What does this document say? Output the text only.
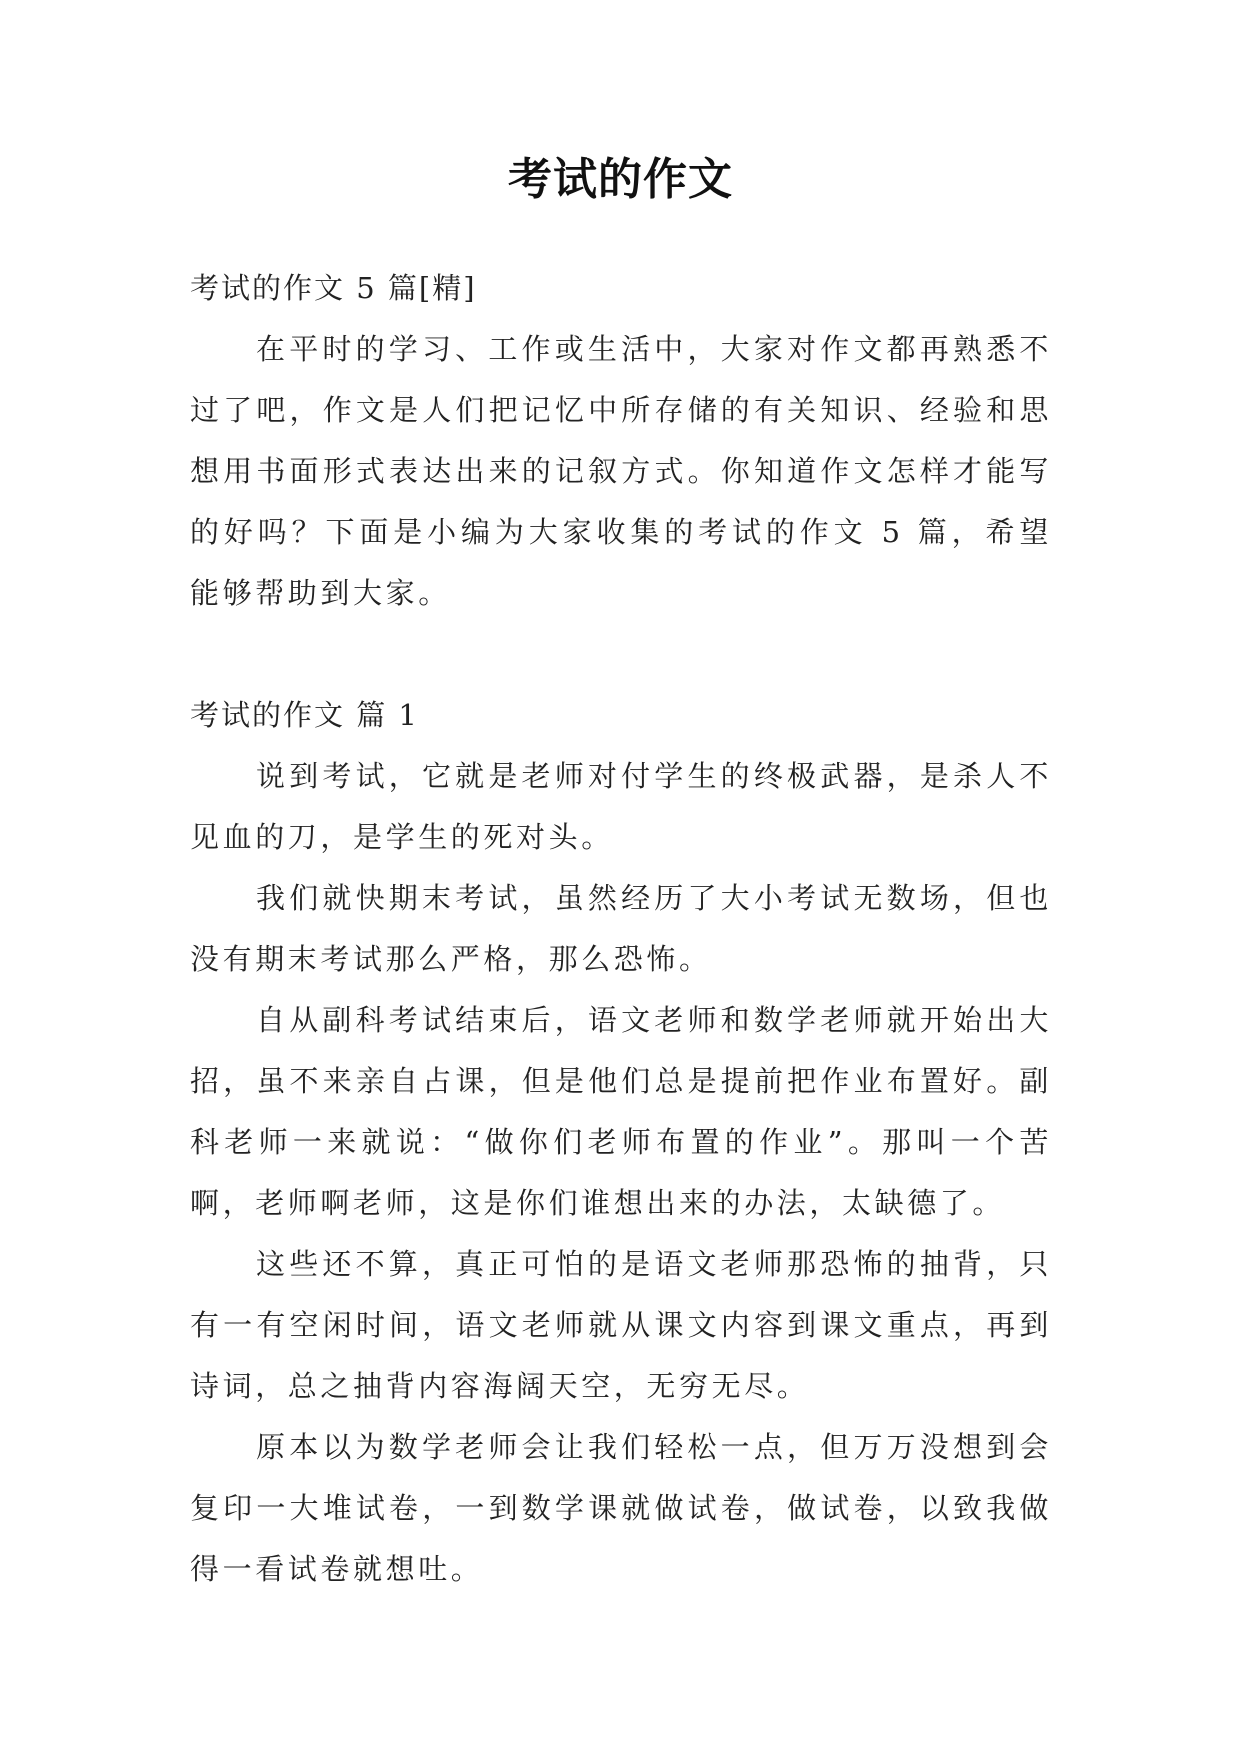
考试的作文

考试的作文 5 篇[精]

在平时的学习、工作或生活中，大家对作文都再熟悉不过了吧，作文是人们把记忆中所存储的有关知识、经验和思想用书面形式表达出来的记叙方式。你知道作文怎样才能写的好吗？下面是小编为大家收集的考试的作文 5 篇，希望能够帮助到大家。

考试的作文 篇 1

说到考试，它就是老师对付学生的终极武器，是杀人不见血的刀，是学生的死对头。

我们就快期末考试，虽然经历了大小考试无数场，但也没有期末考试那么严格，那么恐怖。

自从副科考试结束后，语文老师和数学老师就开始出大招，虽不来亲自占课，但是他们总是提前把作业布置好。副科老师一来就说：“做你们老师布置的作业”。那叫一个苦啊，老师啊老师，这是你们谁想出来的办法，太缺德了。

这些还不算，真正可怕的是语文老师那恐怖的抽背，只有一有空闲时间，语文老师就从课文内容到课文重点，再到诗词，总之抽背内容海阔天空，无穷无尽。

原本以为数学老师会让我们轻松一点，但万万没想到会复印一大堆试卷，一到数学课就做试卷，做试卷，以致我做得一看试卷就想吐。
